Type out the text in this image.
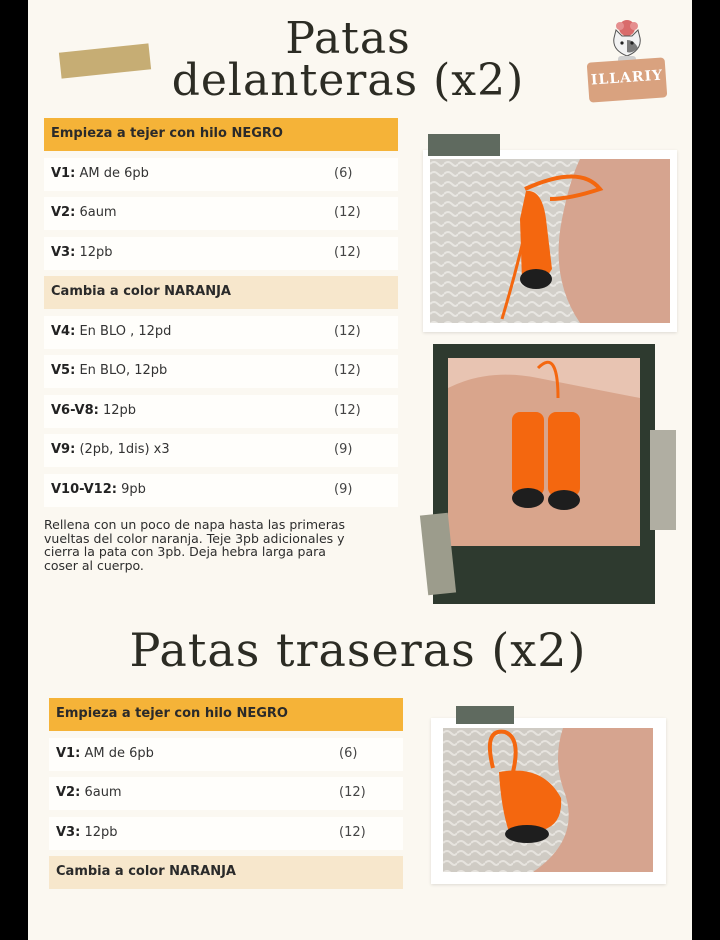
Patas
delanteras (x2)	ILLARIY
Empieza a tejer con hilo NEGRO
V1: AM de 6pb	(6)
V2: 6aum	(12)
V3: 12pb	(12)
Cambia a color NARANJA
V4: En BLO , 12pd	(12)
V5: En BLO, 12pb	(12)
V6-V8: 12pb	(12)
V9: (2pb, 1dis) x3	(9)
V10-V12: 9pb	(9)

Rellena con un poco de napa hasta las primeras vueltas del color naranja. Teje 3pb adicionales y cierra la pata con 3pb. Deja hebra larga para coser al cuerpo.

Patas traseras (x2)
Empieza a tejer con hilo NEGRO
V1: AM de 6pb	(6)
V2: 6aum	(12)
V3: 12pb	(12)
Cambia a color NARANJA
